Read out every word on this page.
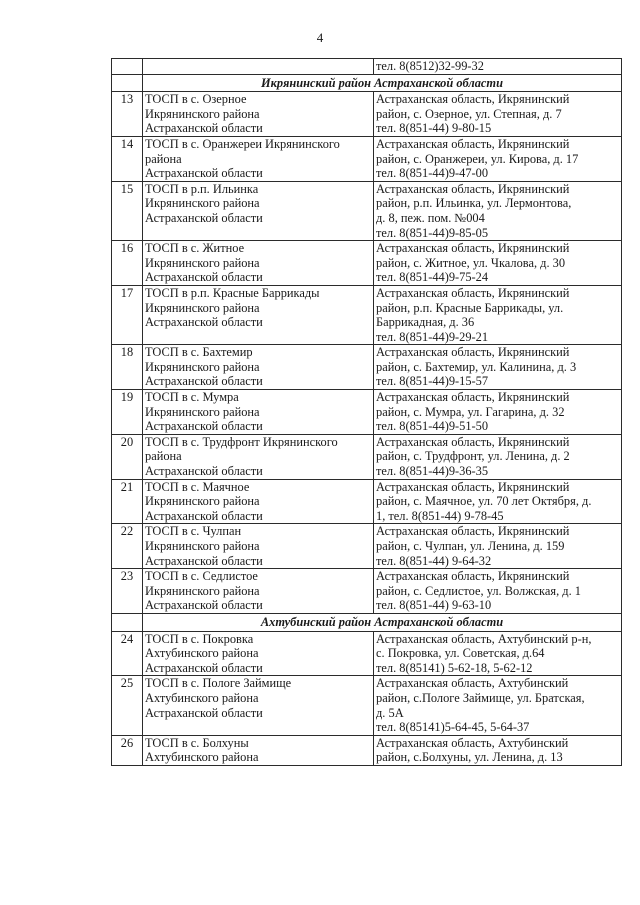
4

		тел. 8(8512)32-99-32

	Икрянинский район Астраханской области	
13	ТОСП в с. Озерное
Икрянинского района
Астраханской области	Астраханская область, Икрянинский
район, с. Озерное, ул. Степная, д. 7
тел. 8(851-44) 9-80-15

14	ТОСП в с. Оранжереи Икрянинского
района
Астраханской области	Астраханская область, Икрянинский
район, с. Оранжереи, ул. Кирова, д. 17
тел. 8(851-44)9-47-00

15	ТОСП в р.п. Ильинка
Икрянинского района
Астраханской области	Астраханская область, Икрянинский
район, р.п. Ильинка, ул. Лермонтова,
д. 8, пеж. пом. №004
тел. 8(851-44)9-85-05

16	ТОСП в с. Житное
Икрянинского района
Астраханской области	Астраханская область, Икрянинский
район, с. Житное, ул. Чкалова, д. 30
тел. 8(851-44)9-75-24

17	ТОСП в р.п. Красные Баррикады
Икрянинского района
Астраханской области	Астраханская область, Икрянинский
район, р.п. Красные Баррикады, ул.
Баррикадная, д. 36
тел. 8(851-44)9-29-21

18	ТОСП в с. Бахтемир
Икрянинского района
Астраханской области	Астраханская область, Икрянинский
район, с. Бахтемир, ул. Калинина, д. 3
тел. 8(851-44)9-15-57

19	ТОСП в с. Мумра
Икрянинского района
Астраханской области	Астраханская область, Икрянинский
район, с. Мумра, ул. Гагарина, д. 32
тел. 8(851-44)9-51-50

20	ТОСП в с. Трудфронт Икрянинского
района
Астраханской области	Астраханская область, Икрянинский
район, с. Трудфронт, ул. Ленина, д. 2
тел. 8(851-44)9-36-35

21	ТОСП в с. Маячное
Икрянинского района
Астраханской области	Астраханская область, Икрянинский
район, с. Маячное, ул. 70 лет Октября, д.
1, тел. 8(851-44) 9-78-45

22	ТОСП в с. Чулпан
Икрянинского района
Астраханской области	Астраханская область, Икрянинский
район, с. Чулпан, ул. Ленина, д. 159
тел. 8(851-44) 9-64-32

23	ТОСП в с. Седлистое
Икрянинского района
Астраханской области	Астраханская область, Икрянинский
район, с. Седлистое, ул. Волжская, д. 1
тел. 8(851-44) 9-63-10

	Ахтубинский район Астраханской области	
24	ТОСП в с. Покровка
Ахтубинского района
Астраханской области	Астраханская область, Ахтубинский р-н,
с. Покровка, ул. Советская, д.64
тел. 8(85141) 5-62-18, 5-62-12

25	ТОСП в с. Пологе Займище
Ахтубинского района
Астраханской области	Астраханская область, Ахтубинский
район, с.Пологе Займище, ул. Братская,
д. 5А
тел. 8(85141)5-64-45, 5-64-37

26	ТОСП в с. Болхуны
Ахтубинского района	Астраханская область, Ахтубинский
район, с.Болхуны, ул. Ленина, д. 13
